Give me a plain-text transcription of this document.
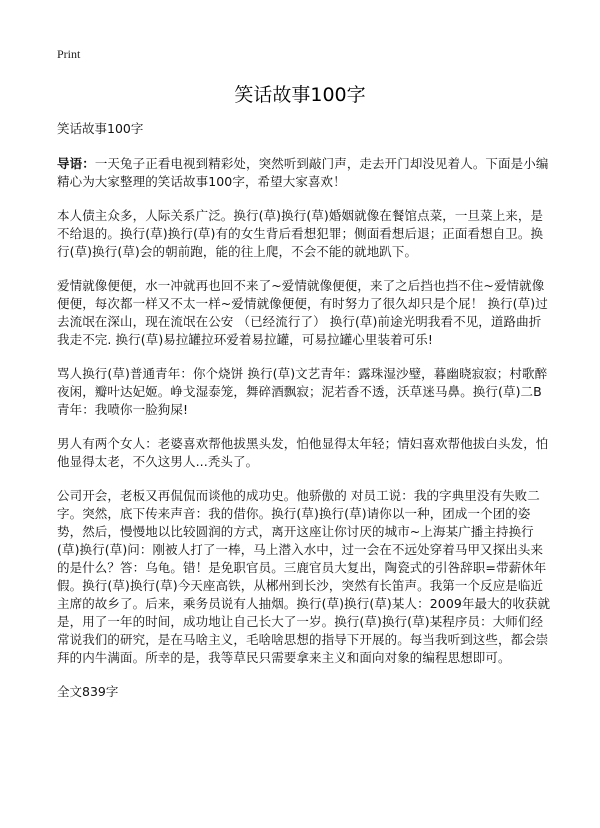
Print
笑话故事100字

笑话故事100字

导语：一天兔子正看电视到精彩处，突然听到敲门声，走去开门却没见着人。下面是小编精心为大家整理的笑话故事100字，希望大家喜欢！

本人债主众多，人际关系广泛。换行(草)换行(草)婚姻就像在餐馆点菜，一旦菜上来，是不给退的。换行(草)换行(草)有的女生背后看想犯罪；侧面看想后退；正面看想自卫。换行(草)换行(草)会的朝前跑，能的往上爬，不会不能的就地趴下。

爱情就像便便，水一冲就再也回不来了~爱情就像便便，来了之后挡也挡不住~爱情就像便便，每次都一样又不太一样~爱情就像便便，有时努力了很久却只是个屁！ 换行(草)过去流氓在深山，现在流氓在公安 （已经流行了） 换行(草)前途光明我看不见，道路曲折我走不完. 换行(草)易拉罐拉环爱着易拉罐，可易拉罐心里装着可乐!

骂人换行(草)普通青年：你个烧饼 换行(草)文艺青年：露珠湿沙璧，暮幽晓寂寂；村歌醉夜闲，瓣叶达妃姬。峥戈湿泰笼，舞碎酒飘寂；泥若香不透，沃草迷马鼻。换行(草)二B青年：我喷你一脸狗屎!

男人有两个女人：老婆喜欢帮他拔黑头发，怕他显得太年轻；情妇喜欢帮他拔白头发，怕他显得太老，不久这男人...秃头了。

公司开会，老板又再侃侃而谈他的成功史。他骄傲的 对员工说：我的字典里没有失败二字。突然，底下传来声音：我的借你。换行(草)换行(草)请你以一种，团成一个团的姿势，然后，慢慢地以比较圆润的方式，离开这座让你讨厌的城市~上海某广播主持换行(草)换行(草)问：刚被人打了一棒，马上潜入水中，过一会在不远处穿着马甲又探出头来的是什么？答：乌龟。错！是免职官员。三鹿官员大复出，陶瓷式的引咎辞职=带薪休年假。换行(草)换行(草)今天座高铁，从郴州到长沙，突然有长笛声。我第一个反应是临近主席的故乡了。后来，乘务员说有人抽烟。换行(草)换行(草)某人：2009年最大的收获就是，用了一年的时间，成功地让自己长大了一岁。换行(草)换行(草)某程序员：大师们经常说我们的研究，是在马啥主义，毛啥啥思想的指导下开展的。每当我听到这些，都会崇拜的内牛满面。所幸的是，我等草民只需要拿来主义和面向对象的编程思想即可。

全文839字
